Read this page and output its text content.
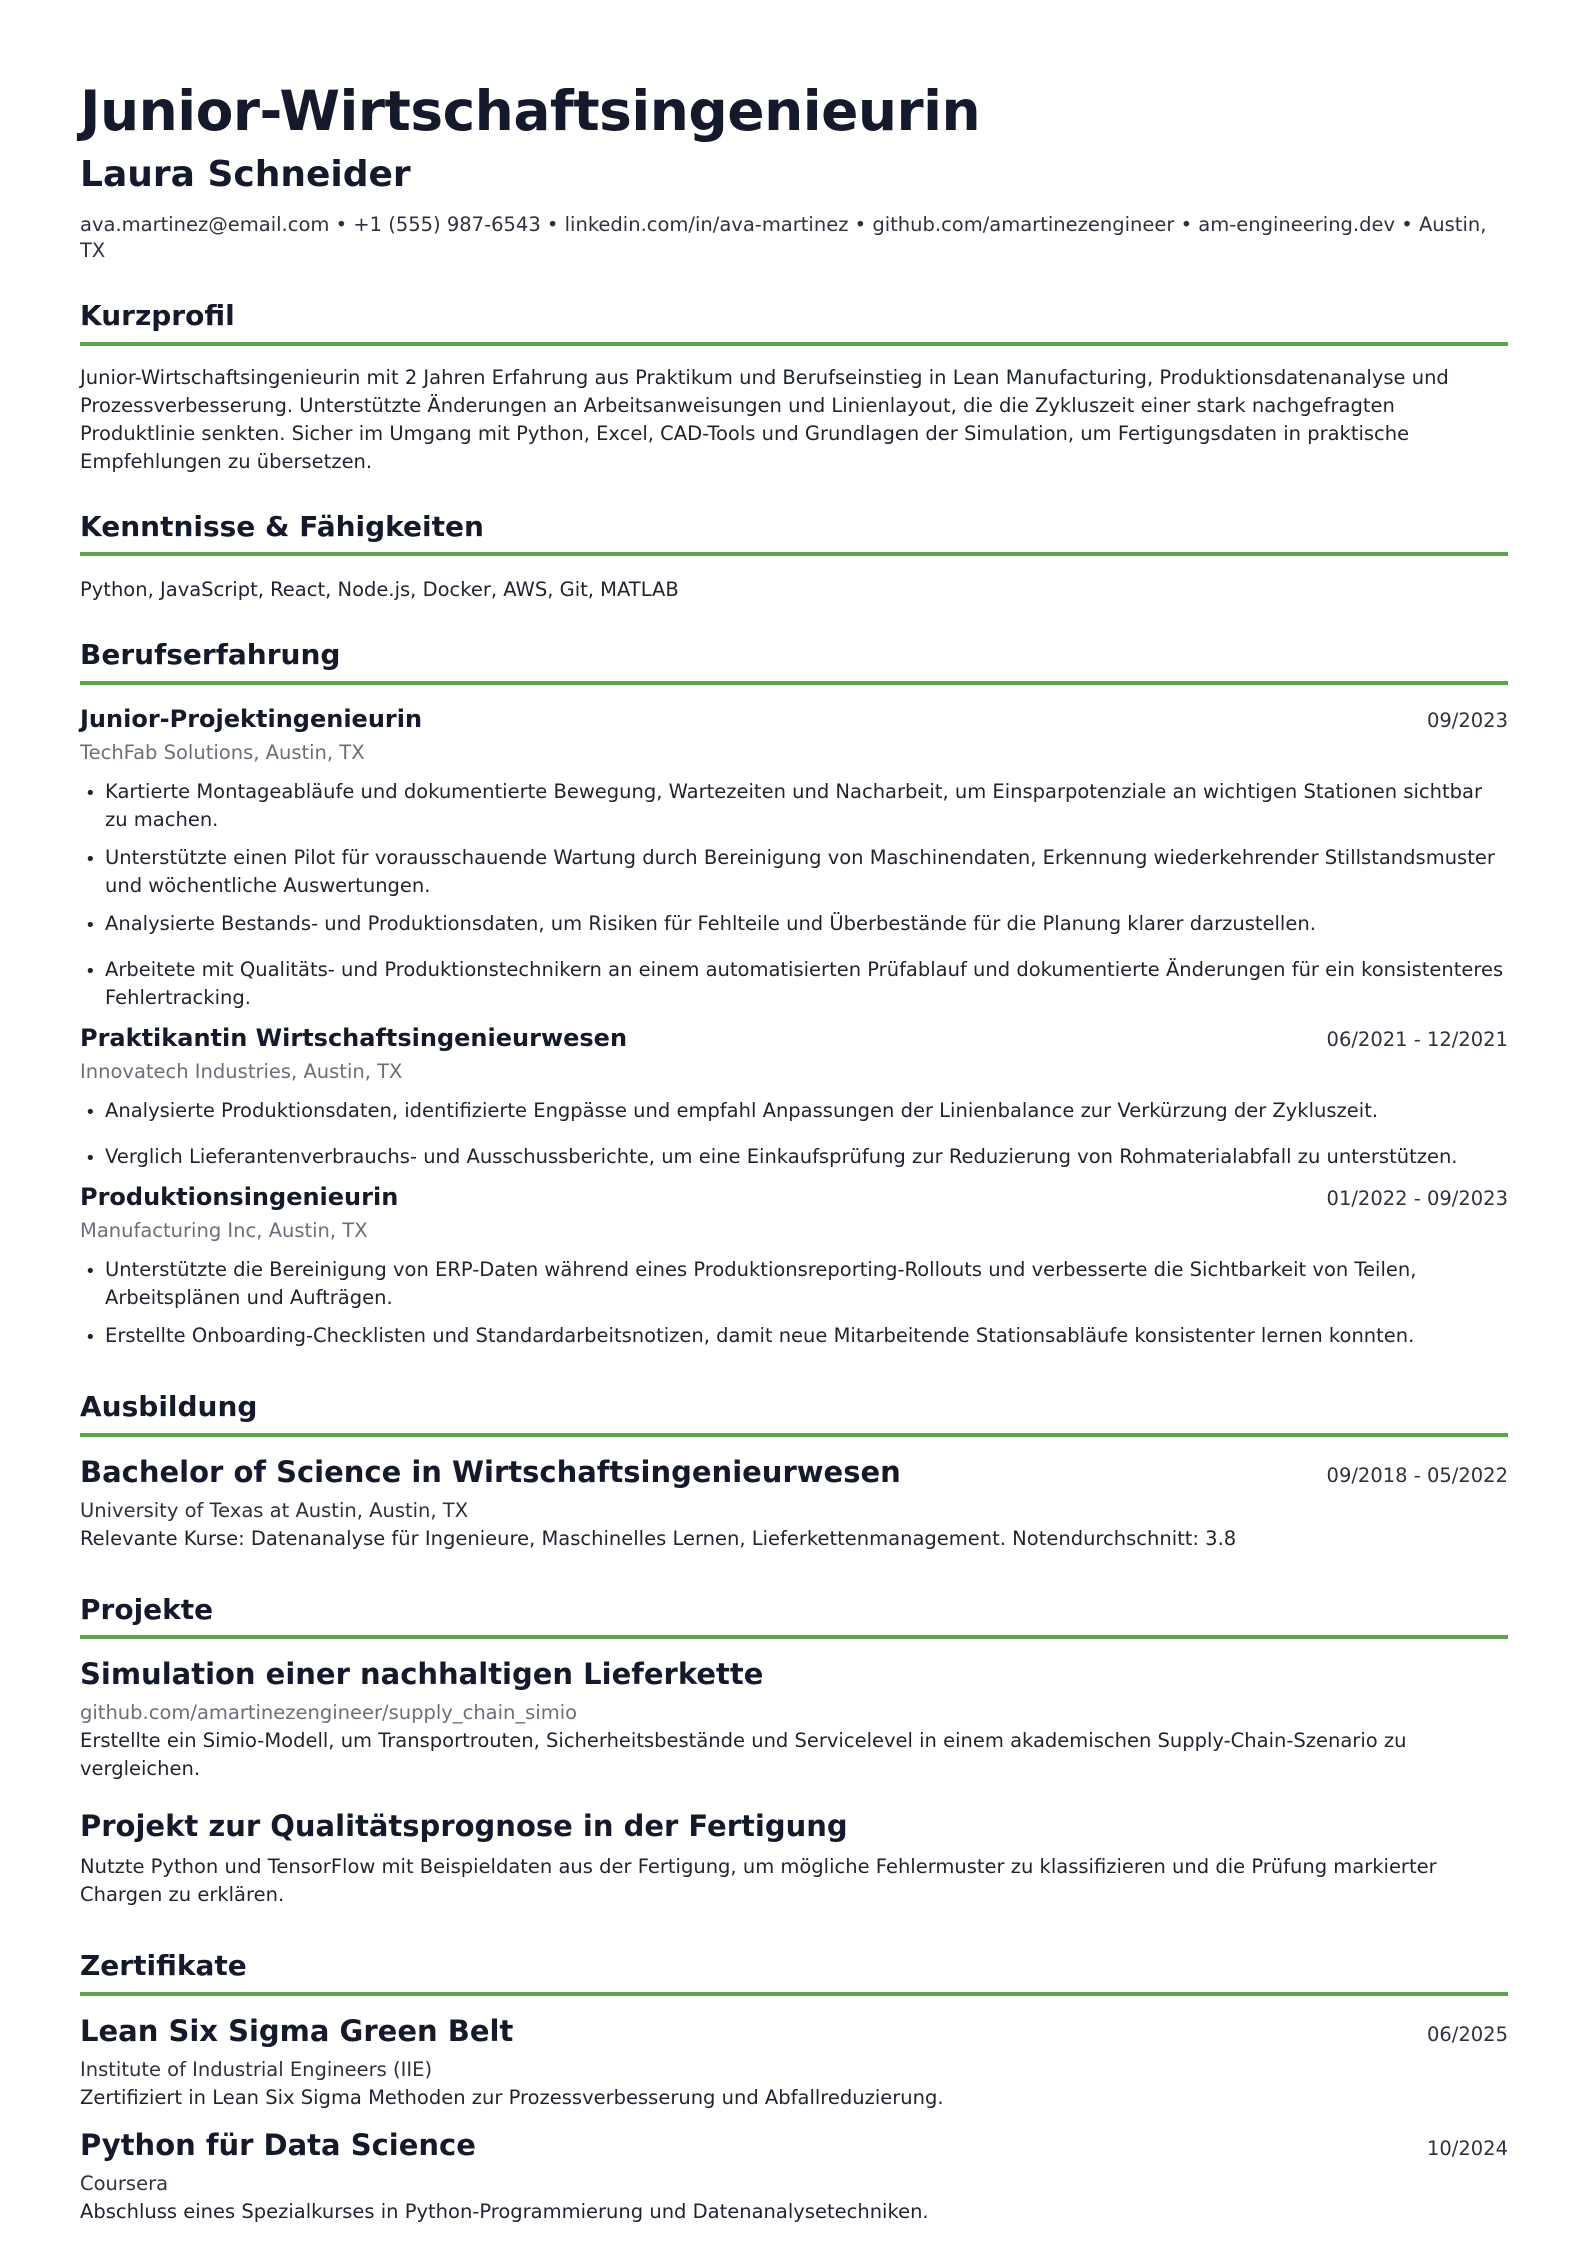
Junior-Wirtschaftsingenieurin
Laura Schneider
ava.martinez@email.com • +1 (555) 987-6543 • linkedin.com/in/ava-martinez • github.com/amartinezengineer • am-engineering.dev • Austin, TX
Kurzprofil
Junior-Wirtschaftsingenieurin mit 2 Jahren Erfahrung aus Praktikum und Berufseinstieg in Lean Manufacturing, Produktionsdatenanalyse und Prozessverbesserung. Unterstützte Änderungen an Arbeitsanweisungen und Linienlayout, die die Zykluszeit einer stark nachgefragten Produktlinie senkten. Sicher im Umgang mit Python, Excel, CAD-Tools und Grundlagen der Simulation, um Fertigungsdaten in praktische Empfehlungen zu übersetzen.
Kenntnisse & Fähigkeiten
Python, JavaScript, React, Node.js, Docker, AWS, Git, MATLAB
Berufserfahrung
Junior-Projektingenieurin	09/2023
TechFab Solutions, Austin, TX
• Kartierte Montageabläufe und dokumentierte Bewegung, Wartezeiten und Nacharbeit, um Einsparpotenziale an wichtigen Stationen sichtbar zu machen.
• Unterstützte einen Pilot für vorausschauende Wartung durch Bereinigung von Maschinendaten, Erkennung wiederkehrender Stillstandsmuster und wöchentliche Auswertungen.
• Analysierte Bestands- und Produktionsdaten, um Risiken für Fehlteile und Überbestände für die Planung klarer darzustellen.
• Arbeitete mit Qualitäts- und Produktionstechnikern an einem automatisierten Prüfablauf und dokumentierte Änderungen für ein konsistenteres Fehlertracking.
Praktikantin Wirtschaftsingenieurwesen	06/2021 - 12/2021
Innovatech Industries, Austin, TX
• Analysierte Produktionsdaten, identifizierte Engpässe und empfahl Anpassungen der Linienbalance zur Verkürzung der Zykluszeit.
• Verglich Lieferantenverbrauchs- und Ausschussberichte, um eine Einkaufsprüfung zur Reduzierung von Rohmaterialabfall zu unterstützen.
Produktionsingenieurin	01/2022 - 09/2023
Manufacturing Inc, Austin, TX
• Unterstützte die Bereinigung von ERP-Daten während eines Produktionsreporting-Rollouts und verbesserte die Sichtbarkeit von Teilen, Arbeitsplänen und Aufträgen.
• Erstellte Onboarding-Checklisten und Standardarbeitsnotizen, damit neue Mitarbeitende Stationsabläufe konsistenter lernen konnten.
Ausbildung
Bachelor of Science in Wirtschaftsingenieurwesen	09/2018 - 05/2022
University of Texas at Austin, Austin, TX
Relevante Kurse: Datenanalyse für Ingenieure, Maschinelles Lernen, Lieferkettenmanagement. Notendurchschnitt: 3.8
Projekte
Simulation einer nachhaltigen Lieferkette
github.com/amartinezengineer/supply_chain_simio
Erstellte ein Simio-Modell, um Transportrouten, Sicherheitsbestände und Servicelevel in einem akademischen Supply-Chain-Szenario zu vergleichen.
Projekt zur Qualitätsprognose in der Fertigung
Nutzte Python und TensorFlow mit Beispieldaten aus der Fertigung, um mögliche Fehlermuster zu klassifizieren und die Prüfung markierter Chargen zu erklären.
Zertifikate
Lean Six Sigma Green Belt	06/2025
Institute of Industrial Engineers (IIE)
Zertifiziert in Lean Six Sigma Methoden zur Prozessverbesserung und Abfallreduzierung.
Python für Data Science	10/2024
Coursera
Abschluss eines Spezialkurses in Python-Programmierung und Datenanalysetechniken.
